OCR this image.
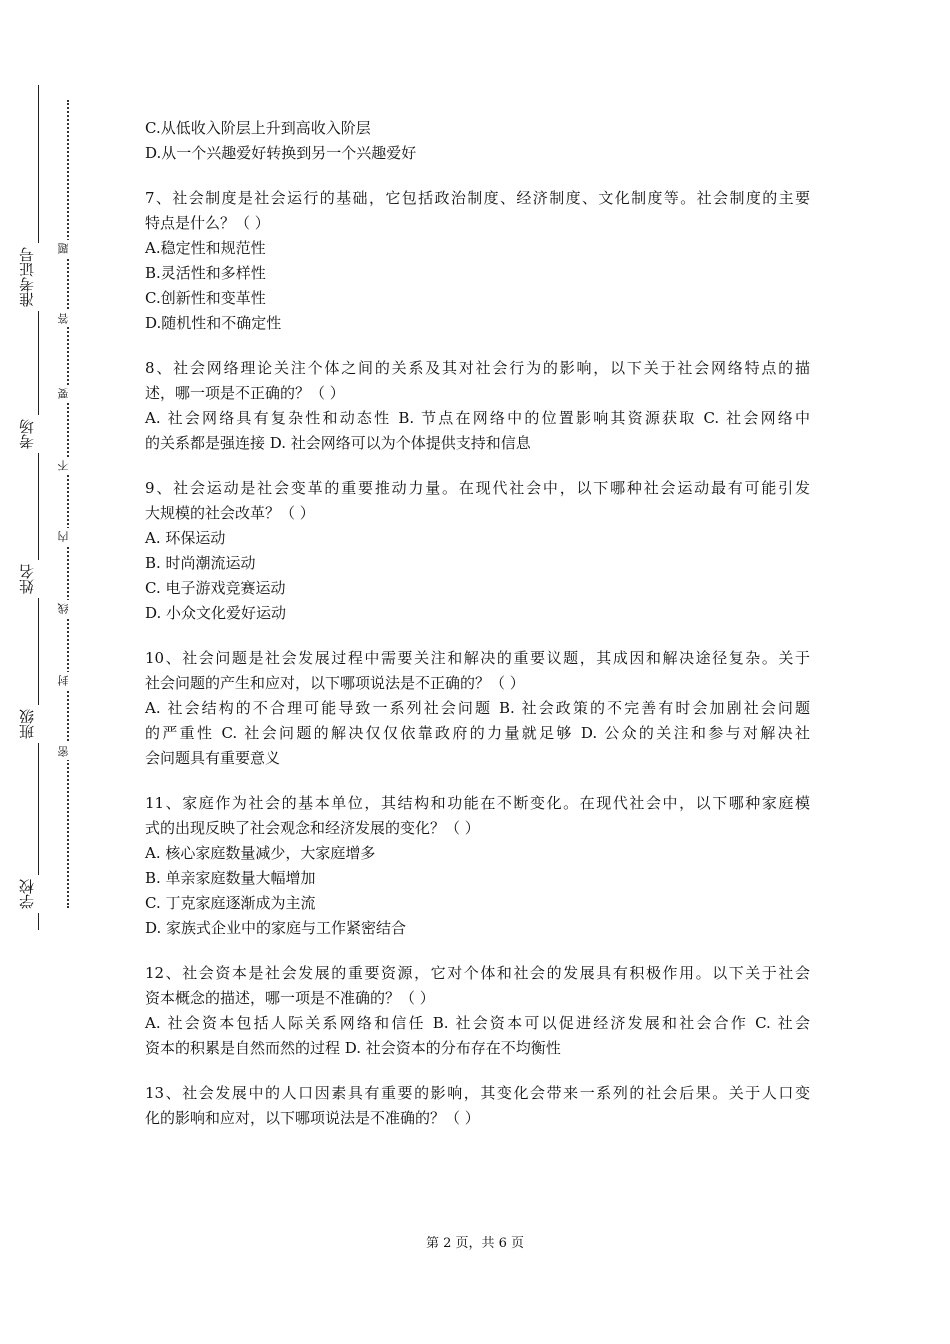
准考证号
考场
姓名
班级
学校
题
答
要
不
内
线
封
密
C.从低收入阶层上升到高收入阶层
D.从一个兴趣爱好转换到另一个兴趣爱好
7、社会制度是社会运行的基础，它包括政治制度、经济制度、文化制度等。社会制度的主要
特点是什么？（ ）
A.稳定性和规范性
B.灵活性和多样性
C.创新性和变革性
D.随机性和不确定性
8、社会网络理论关注个体之间的关系及其对社会行为的影响，以下关于社会网络特点的描
述，哪一项是不正确的？（ ）
A. 社会网络具有复杂性和动态性 B. 节点在网络中的位置影响其资源获取 C. 社会网络中
的关系都是强连接 D. 社会网络可以为个体提供支持和信息
9、社会运动是社会变革的重要推动力量。在现代社会中，以下哪种社会运动最有可能引发
大规模的社会改革？（ ）
A. 环保运动
B. 时尚潮流运动
C. 电子游戏竞赛运动
D. 小众文化爱好运动
10、社会问题是社会发展过程中需要关注和解决的重要议题，其成因和解决途径复杂。关于
社会问题的产生和应对，以下哪项说法是不正确的？（ ）
A. 社会结构的不合理可能导致一系列社会问题 B. 社会政策的不完善有时会加剧社会问题
的严重性 C. 社会问题的解决仅仅依靠政府的力量就足够 D. 公众的关注和参与对解决社
会问题具有重要意义
11、家庭作为社会的基本单位，其结构和功能在不断变化。在现代社会中，以下哪种家庭模
式的出现反映了社会观念和经济发展的变化？（ ）
A. 核心家庭数量减少，大家庭增多
B. 单亲家庭数量大幅增加
C. 丁克家庭逐渐成为主流
D. 家族式企业中的家庭与工作紧密结合
12、社会资本是社会发展的重要资源，它对个体和社会的发展具有积极作用。以下关于社会
资本概念的描述，哪一项是不准确的？（ ）
A. 社会资本包括人际关系网络和信任 B. 社会资本可以促进经济发展和社会合作 C. 社会
资本的积累是自然而然的过程 D. 社会资本的分布存在不均衡性
13、社会发展中的人口因素具有重要的影响，其变化会带来一系列的社会后果。关于人口变
化的影响和应对，以下哪项说法是不准确的？（ ）
第 2 页，共 6 页
